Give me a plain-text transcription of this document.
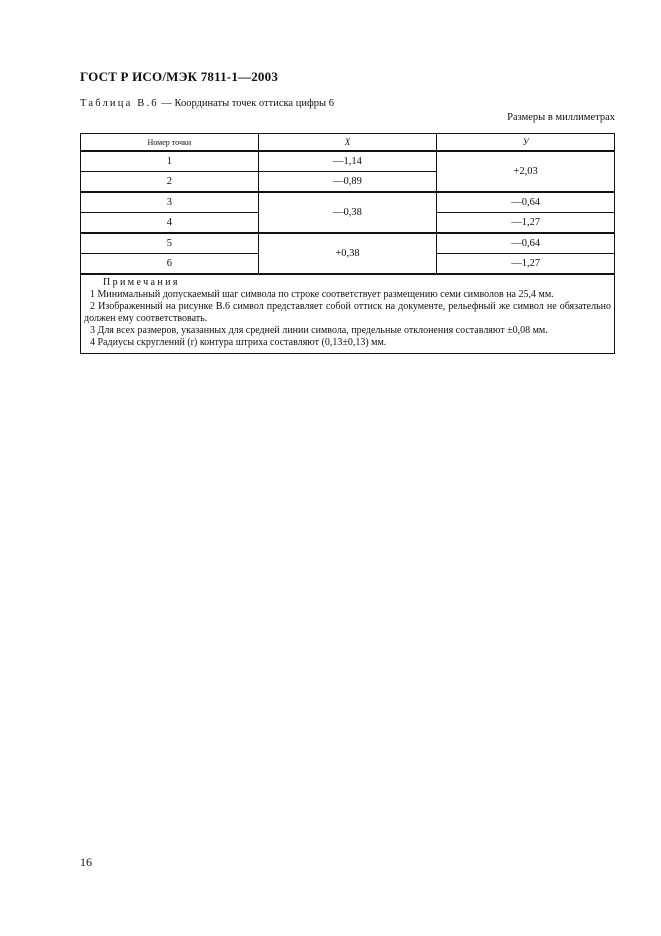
ГОСТ Р ИСО/МЭК 7811-1—2003
Таблица В.6 — Координаты точек оттиска цифры 6
Размеры в миллиметрах
Номер точки	X	У
1	—1,14	+2,03
2	—0,89	
3	—0,38	—0,64
4		—1,27
5	+0,38	—0,64
6		—1,27

Примечания

1 Минимальный допускаемый шаг символа по строке соответствует размещению семи символов на 25,4 мм.

2 Изображенный на рисунке В.6 символ представляет собой оттиск на документе, рельефный же символ не обязательно должен ему соответствовать.

3 Для всех размеров, указанных для средней линии символа, предельные отклонения составляют ±0,08 мм.

4 Радиусы скруглений (r) контура штриха составляют (0,13±0,13) мм.		

16
